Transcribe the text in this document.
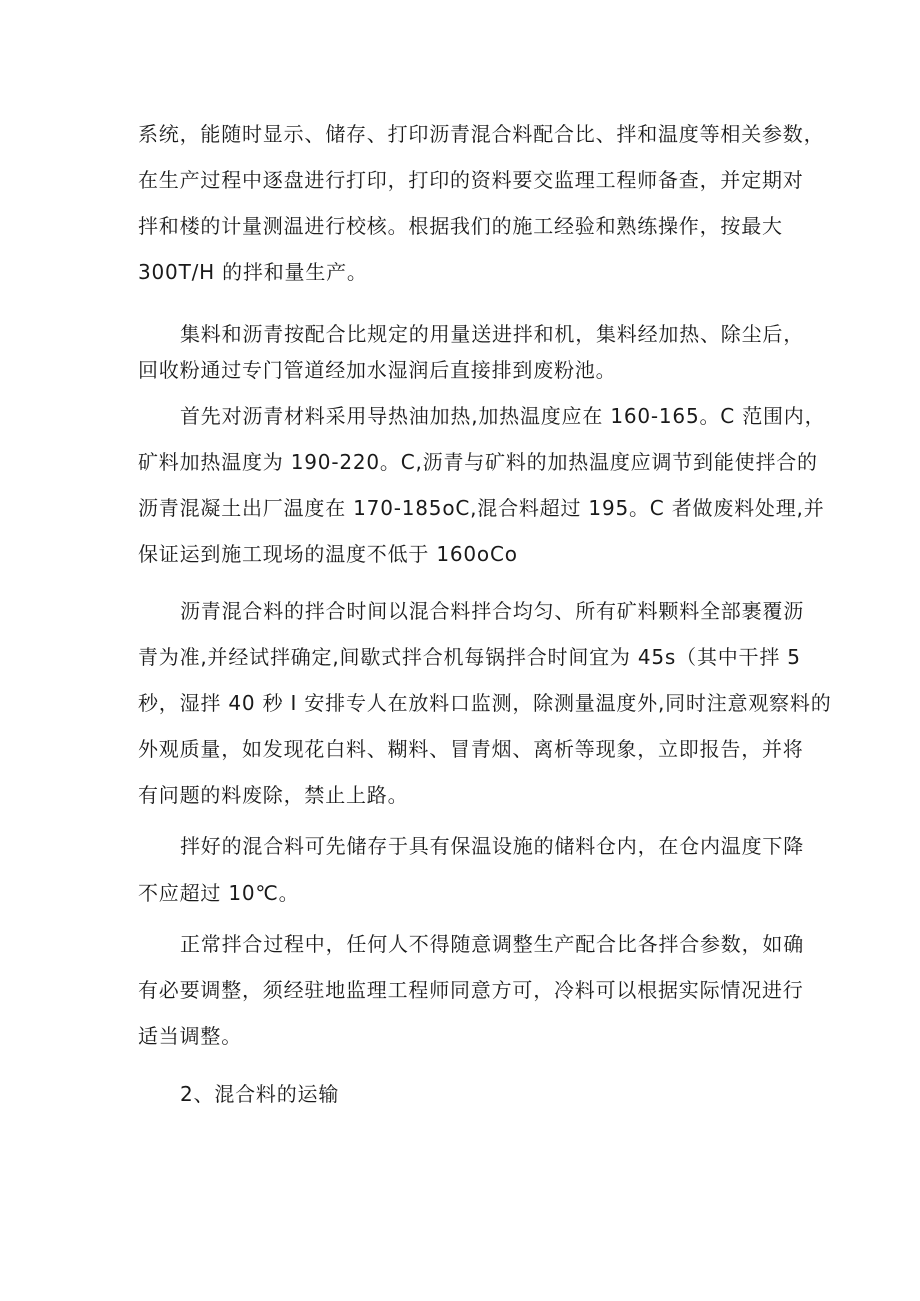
系统，能随时显示、储存、打印沥青混合料配合比、拌和温度等相关参数，

在生产过程中逐盘进行打印，打印的资料要交监理工程师备查，并定期对

拌和楼的计量测温进行校核。根据我们的施工经验和熟练操作，按最大

300T/H 的拌和量生产。

集料和沥青按配合比规定的用量送进拌和机，集料经加热、除尘后，

回收粉通过专门管道经加水湿润后直接排到废粉池。

首先对沥青材料采用导热油加热,加热温度应在 160-165。C 范围内，

矿料加热温度为 190-220。C,沥青与矿料的加热温度应调节到能使拌合的

沥青混凝土出厂温度在 170-185oC,混合料超过 195。C 者做废料处理,并

保证运到施工现场的温度不低于 160oCo

沥青混合料的拌合时间以混合料拌合均匀、所有矿料颗料全部裹覆沥

青为准,并经试拌确定,间歇式拌合机每锅拌合时间宜为 45s（其中干拌 5

秒，湿拌 40 秒 I 安排专人在放料口监测，除测量温度外,同时注意观察料的

外观质量，如发现花白料、糊料、冒青烟、离析等现象，立即报告，并将

有问题的料废除，禁止上路。

拌好的混合料可先储存于具有保温设施的储料仓内，在仓内温度下降

不应超过 10℃。

正常拌合过程中，任何人不得随意调整生产配合比各拌合参数，如确

有必要调整，须经驻地监理工程师同意方可，冷料可以根据实际情况进行

适当调整。

2、混合料的运输
